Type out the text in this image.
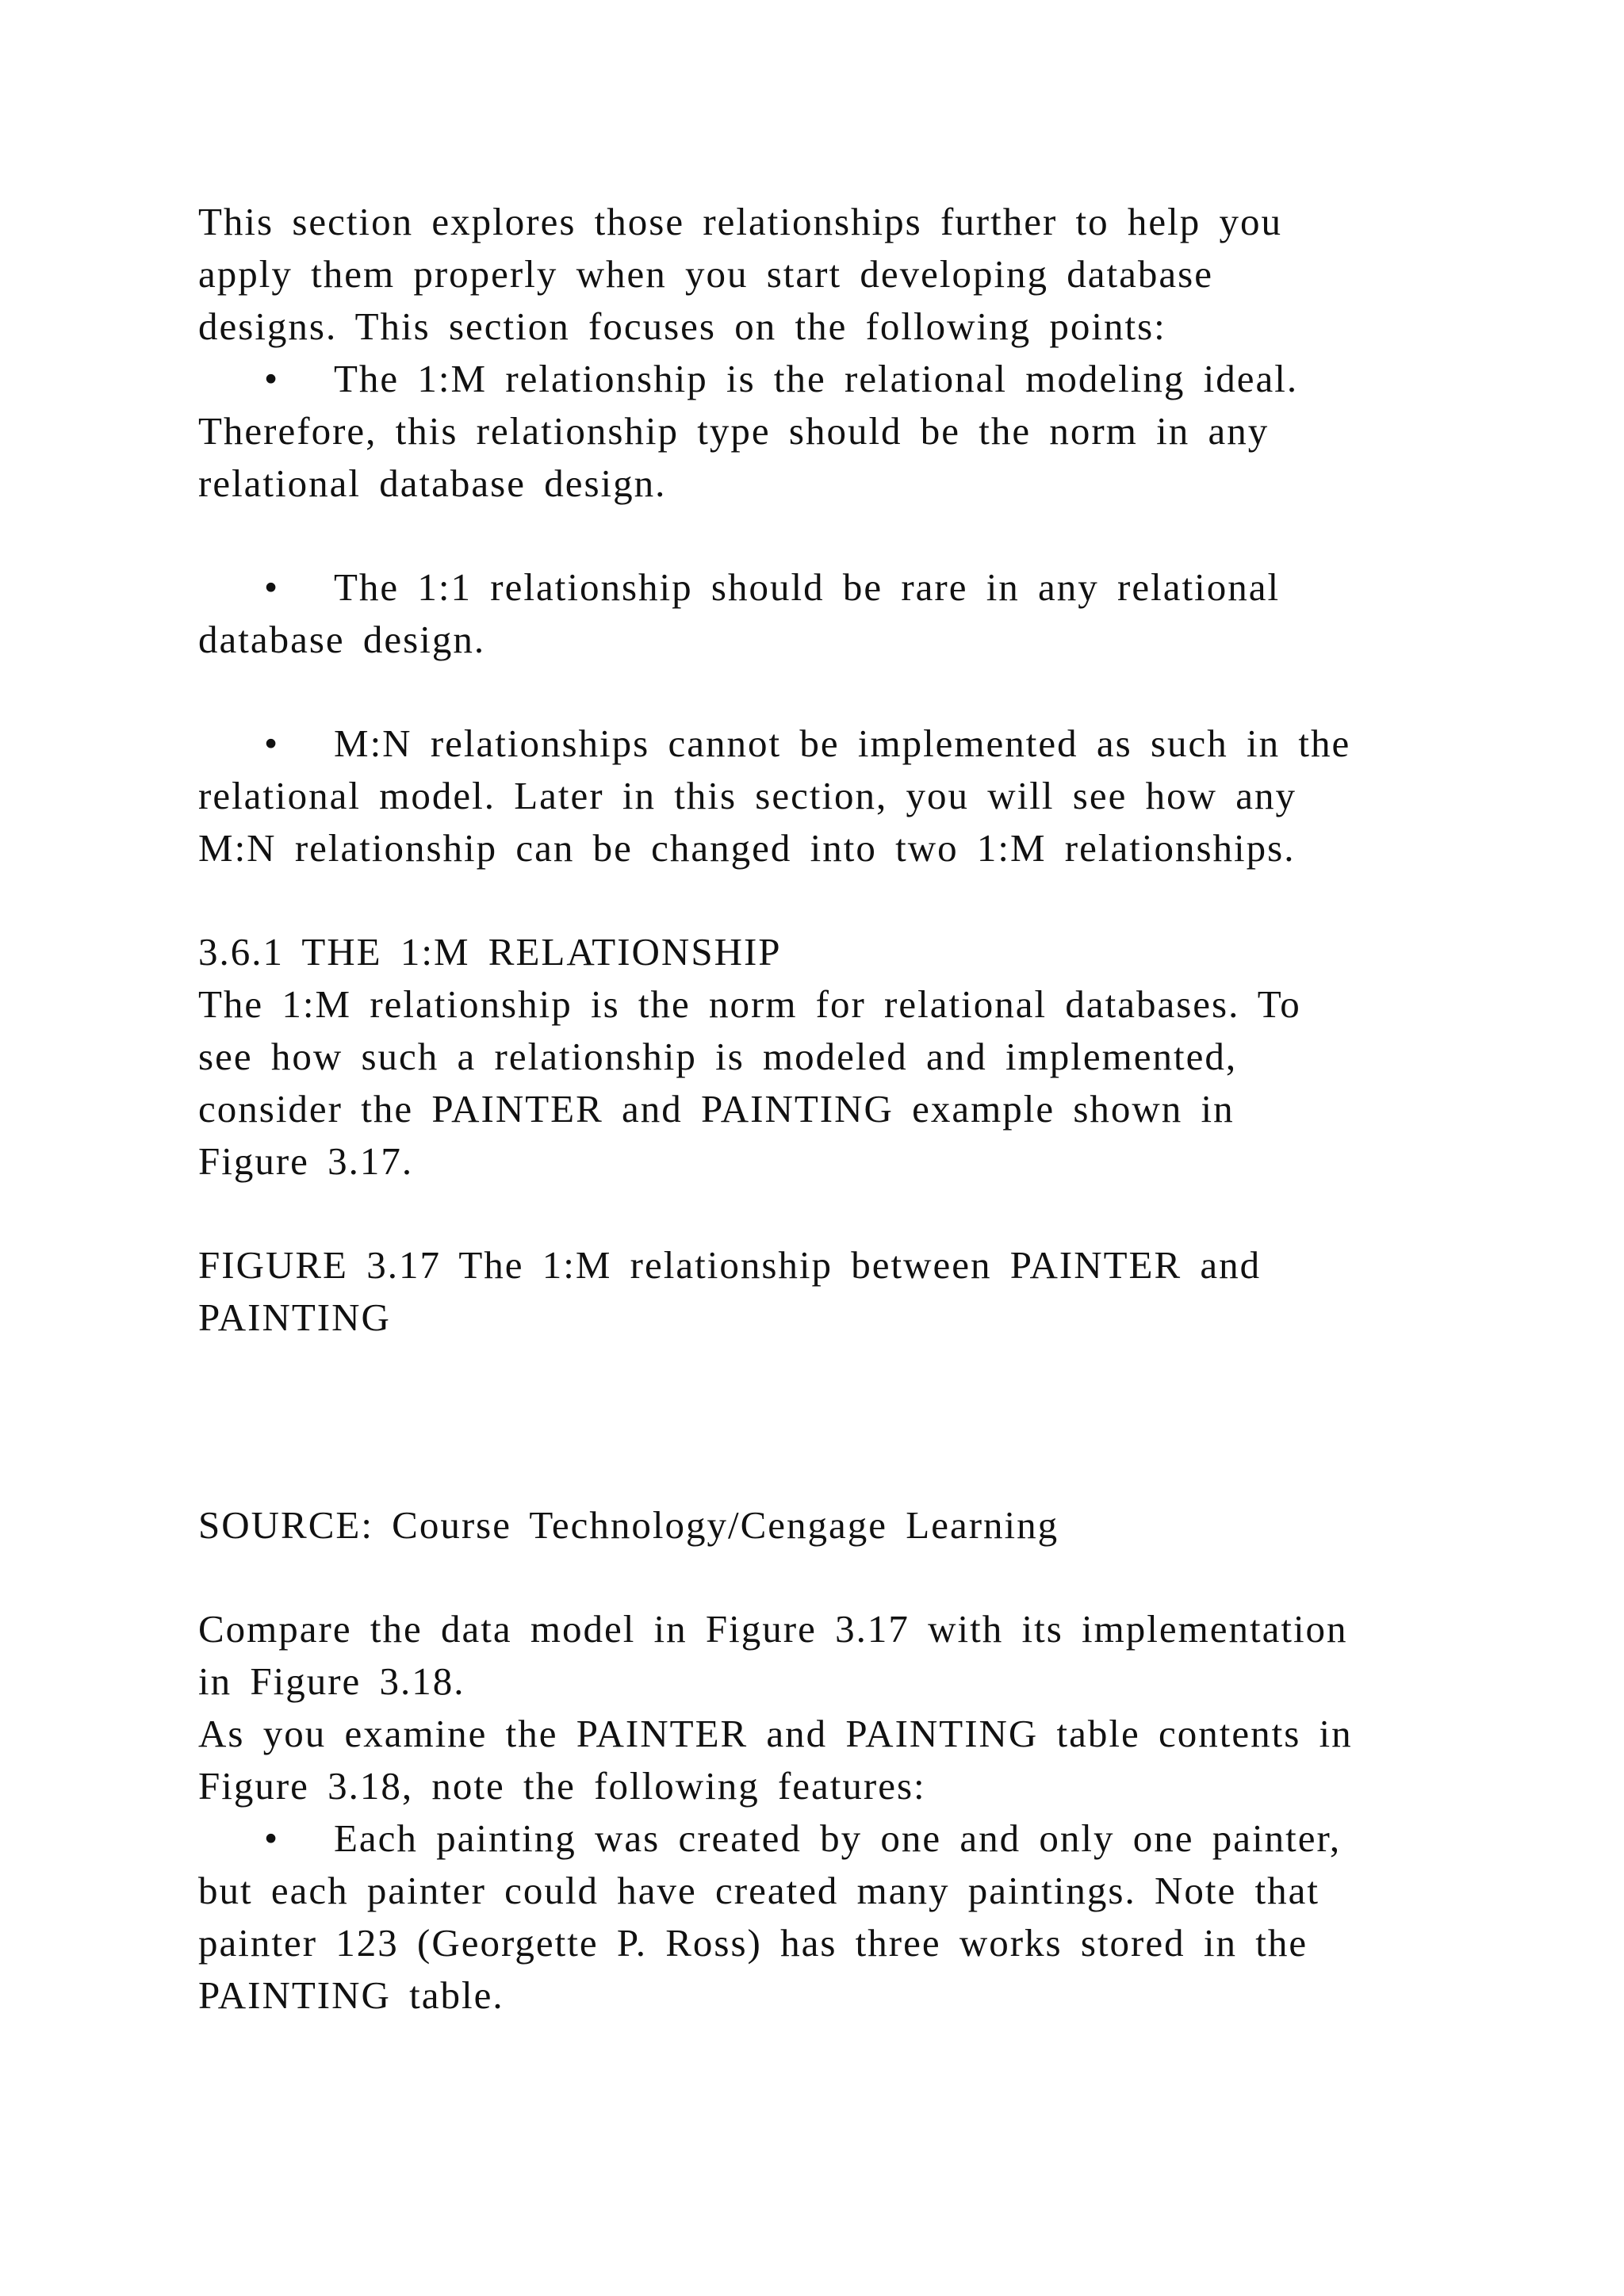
This section explores those relationships further to help you
apply them properly when you start developing database
designs. This section focuses on the following points:
• The 1:M relationship is the relational modeling ideal.
Therefore, this relationship type should be the norm in any
relational database design.
• The 1:1 relationship should be rare in any relational
database design.
• M:N relationships cannot be implemented as such in the
relational model. Later in this section, you will see how any
M:N relationship can be changed into two 1:M relationships.
3.6.1 THE 1:M RELATIONSHIP
The 1:M relationship is the norm for relational databases. To
see how such a relationship is modeled and implemented,
consider the PAINTER and PAINTING example shown in
Figure 3.17.
FIGURE 3.17 The 1:M relationship between PAINTER and
PAINTING
SOURCE: Course Technology/Cengage Learning
Compare the data model in Figure 3.17 with its implementation
in Figure 3.18.
As you examine the PAINTER and PAINTING table contents in
Figure 3.18, note the following features:
• Each painting was created by one and only one painter,
but each painter could have created many paintings. Note that
painter 123 (Georgette P. Ross) has three works stored in the
PAINTING table.
